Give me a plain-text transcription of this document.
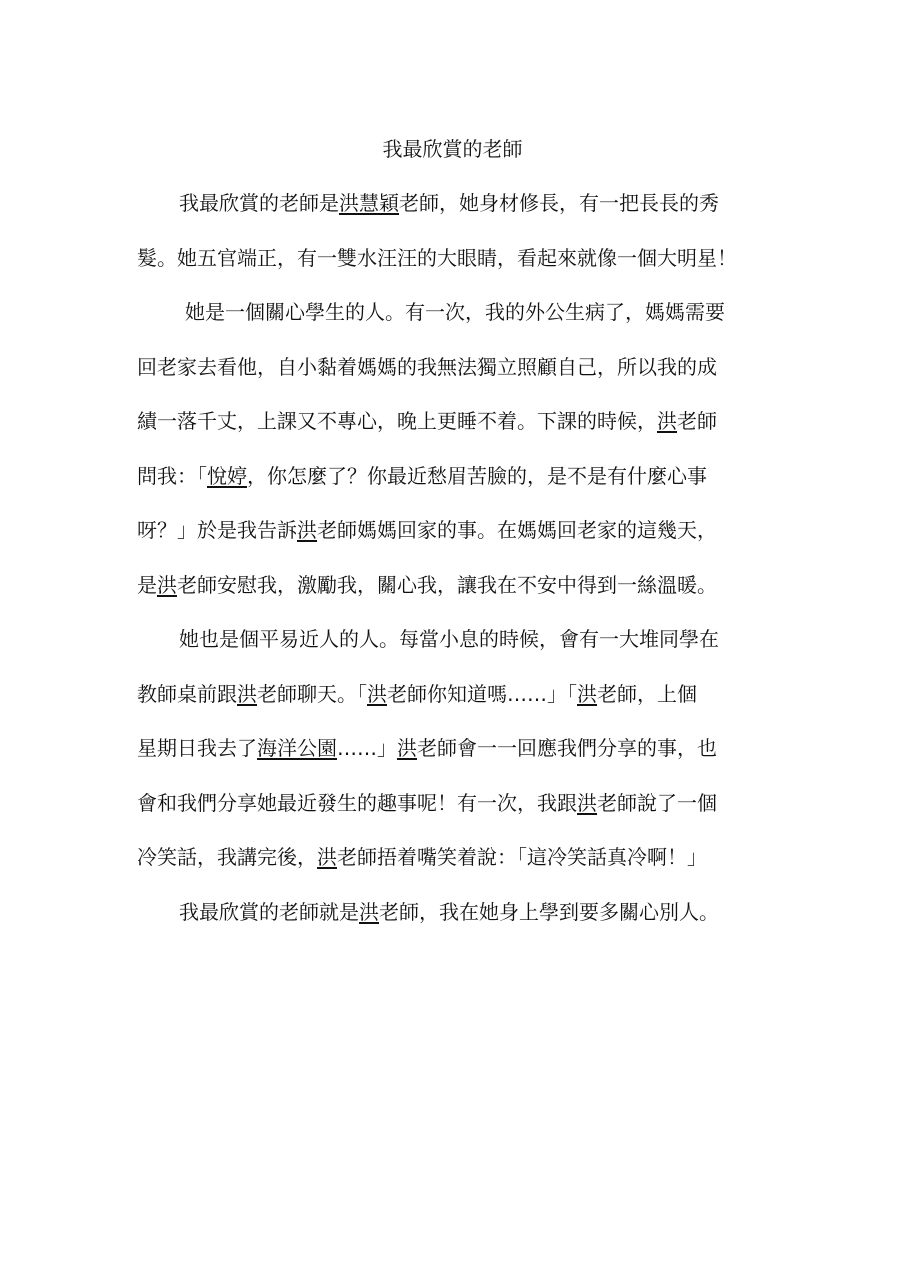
我最欣賞的老師
我最欣賞的老師是洪慧穎老師，她身材修長，有一把長長的秀
髮。她五官端正，有一雙水汪汪的大眼睛，看起來就像一個大明星！
她是一個關心學生的人。有一次，我的外公生病了，媽媽需要
回老家去看他，自小黏着媽媽的我無法獨立照顧自己，所以我的成
績一落千丈，上課又不專心，晚上更睡不着。下課的時候，洪老師
問我：「悅婷，你怎麼了？你最近愁眉苦臉的，是不是有什麼心事
呀？」於是我告訴洪老師媽媽回家的事。在媽媽回老家的這幾天，
是洪老師安慰我，激勵我，關心我，讓我在不安中得到一絲溫暖。
她也是個平易近人的人。每當小息的時候，會有一大堆同學在
教師桌前跟洪老師聊天。「洪老師你知道嗎……」「洪老師，上個
星期日我去了海洋公園……」洪老師會一一回應我們分享的事，也
會和我們分享她最近發生的趣事呢！有一次，我跟洪老師說了一個
冷笑話，我講完後，洪老師捂着嘴笑着說：「這冷笑話真冷啊！」
我最欣賞的老師就是洪老師，我在她身上學到要多關心別人。
